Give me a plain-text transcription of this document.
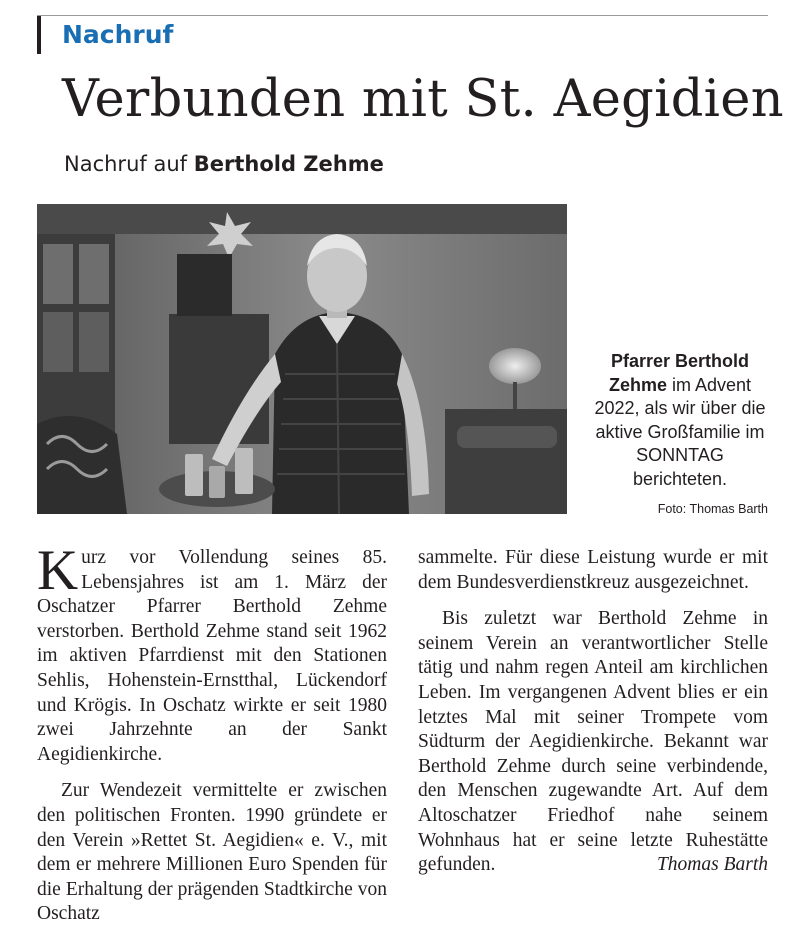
Nachruf
Verbunden mit St. Aegidien
Nachruf auf Berthold Zehme
Pfarrer Berthold Zehme im Advent 2022, als wir über die aktive Großfamilie im SONNTAG berichteten.
Foto: Thomas Barth

Kurz vor Vollendung seines 85. Lebensjahres ist am 1. März der Oschatzer Pfarrer Berthold Zehme verstorben. Berthold Zehme stand seit 1962 im aktiven Pfarrdienst mit den Stationen Sehlis, Hohenstein-Ernstthal, Lückendorf und Krögis. In Oschatz wirkte er seit 1980 zwei Jahrzehnte an der Sankt Aegidienkirche.

Zur Wendezeit vermittelte er zwischen den politischen Fronten. 1990 gründete er den Verein »Rettet St. Aegidien« e. V., mit dem er mehrere Millionen Euro Spenden für die Erhaltung der prägenden Stadtkirche von Oschatz

sammelte. Für diese Leistung wurde er mit dem Bundesverdienstkreuz ausgezeichnet.

Bis zuletzt war Berthold Zehme in seinem Verein an verantwortlicher Stelle tätig und nahm regen Anteil am kirchlichen Leben. Im vergangenen Advent blies er ein letztes Mal mit seiner Trompete vom Südturm der Aegidienkirche. Bekannt war Berthold Zehme durch seine verbindende, den Menschen zugewandte Art. Auf dem Altoschatzer Friedhof nahe seinem Wohnhaus hat er seine letzte Ruhestätte gefunden.	Thomas Barth
